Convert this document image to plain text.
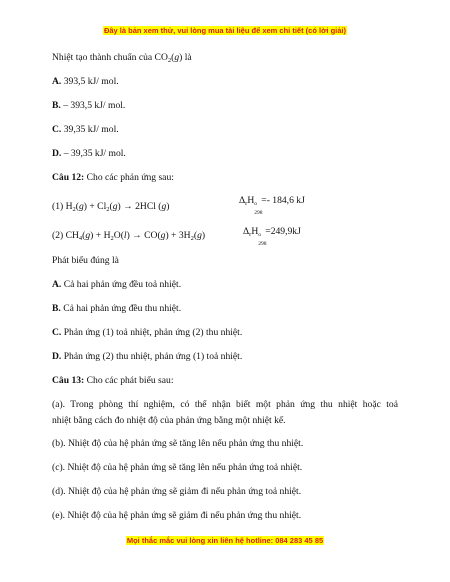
Đây là bản xem thử, vui lòng mua tài liệu để xem chi tiết (có lời giải)
Nhiệt tạo thành chuẩn của $CO_2(g)$ là
A. 393,5 kJ/ mol.
B. – 393,5 kJ/ mol.
C. 39,35 kJ/ mol.
D. – 39,35 kJ/ mol.
Câu 12: Cho các phản ứng sau:
(1) $H_2(g) + Cl_2(g) \to 2HCl$ (g)
$\Delta_rH$ o
298
=- 184,6 kJ
(2) $CH_4(g) + H_2O(l) \to CO(g) + 3H_2(g)$	$\Delta_rH$ o
298
=249,9kJ
Phát biểu đúng là
A. Cả hai phản ứng đều toả nhiệt.
B. Cả hai phản ứng đều thu nhiệt.
C. Phản ứng (1) toả nhiệt, phản ứng (2) thu nhiệt.
D. Phản ứng (2) thu nhiệt, phản ứng (1) toả nhiệt.
Câu 13: Cho các phát biểu sau:
(a). Trong phòng thí nghiệm, có thể nhận biết một phản ứng thu nhiệt hoặc toả
nhiệt bằng cách đo nhiệt độ của phản ứng bằng một nhiệt kế.
(b). Nhiệt độ của hệ phản ứng sẽ tăng lên nếu phản ứng thu nhiệt.
(c). Nhiệt độ của hệ phản ứng sẽ tăng lên nếu phản ứng toả nhiệt.
(d). Nhiệt độ của hệ phản ứng sẽ giảm đi nếu phản ứng toả nhiệt.
(e). Nhiệt độ của hệ phản ứng sẽ giảm đi nếu phản ứng thu nhiệt.
Mọi thắc mắc vui lòng xin liên hệ hotline: 084 283 45 85
